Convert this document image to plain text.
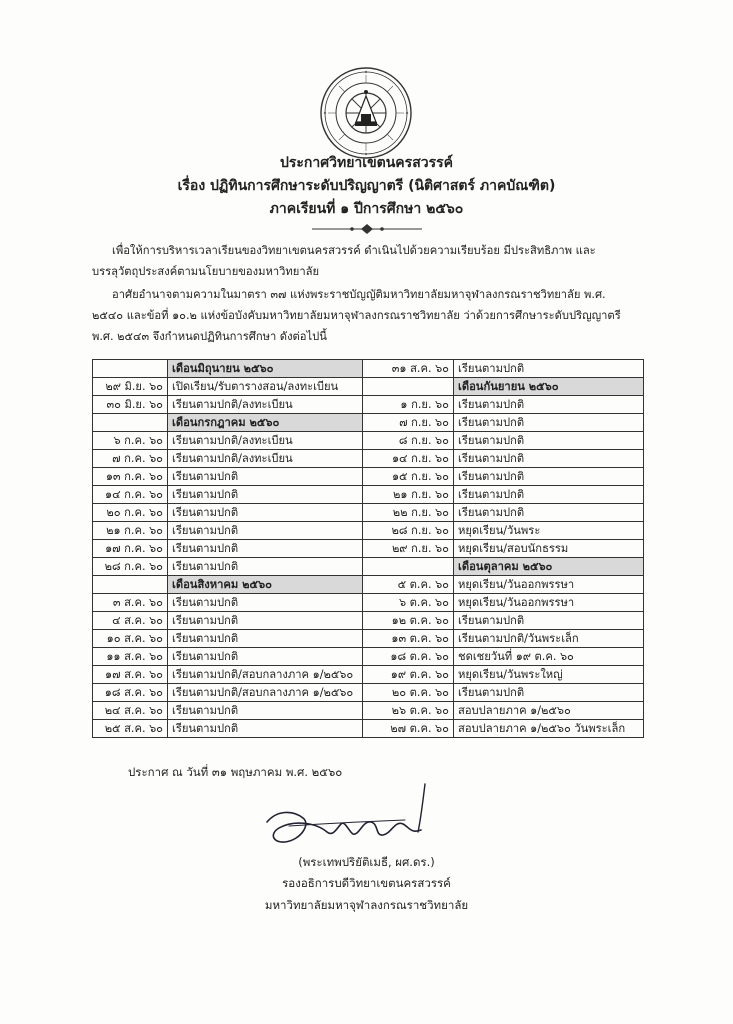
ประกาศวิทยาเขตนครสวรรค์
เรื่อง ปฏิทินการศึกษาระดับปริญญาตรี (นิติศาสตร์ ภาคบัณฑิต)
ภาคเรียนที่ ๑ ปีการศึกษา ๒๕๖๐
เพื่อให้การบริหารเวลาเรียนของวิทยาเขตนครสวรรค์ ดำเนินไปด้วยความเรียบร้อย มีประสิทธิภาพ และ
บรรลุวัตถุประสงค์ตามนโยบายของมหาวิทยาลัย
อาศัยอำนาจตามความในมาตรา ๓๗ แห่งพระราชบัญญัติมหาวิทยาลัยมหาจุฬาลงกรณราชวิทยาลัย พ.ศ.
๒๕๔๐ และข้อที่ ๑๐.๒ แห่งข้อบังคับมหาวิทยาลัยมหาจุฬาลงกรณราชวิทยาลัย ว่าด้วยการศึกษาระดับปริญญาตรี
พ.ศ. ๒๕๔๓ จึงกำหนดปฏิทินการศึกษา ดังต่อไปนี้
	เดือนมิถุนายน ๒๕๖๐	๓๑ ส.ค. ๖๐	เรียนตามปกติ
๒๙ มิ.ย. ๖๐	เปิดเรียน/รับตารางสอน/ลงทะเบียน		เดือนกันยายน ๒๕๖๐
๓๐ มิ.ย. ๖๐	เรียนตามปกติ/ลงทะเบียน	๑ ก.ย. ๖๐	เรียนตามปกติ
	เดือนกรกฎาคม ๒๕๖๐	๗ ก.ย. ๖๐	เรียนตามปกติ
๖ ก.ค. ๖๐	เรียนตามปกติ/ลงทะเบียน	๘ ก.ย. ๖๐	เรียนตามปกติ
๗ ก.ค. ๖๐	เรียนตามปกติ/ลงทะเบียน	๑๔ ก.ย. ๖๐	เรียนตามปกติ
๑๓ ก.ค. ๖๐	เรียนตามปกติ	๑๕ ก.ย. ๖๐	เรียนตามปกติ
๑๔ ก.ค. ๖๐	เรียนตามปกติ	๒๑ ก.ย. ๖๐	เรียนตามปกติ
๒๐ ก.ค. ๖๐	เรียนตามปกติ	๒๒ ก.ย. ๖๐	เรียนตามปกติ
๒๑ ก.ค. ๖๐	เรียนตามปกติ	๒๘ ก.ย. ๖๐	หยุดเรียน/วันพระ
๑๗ ก.ค. ๖๐	เรียนตามปกติ	๒๙ ก.ย. ๖๐	หยุดเรียน/สอบนักธรรม
๒๘ ก.ค. ๖๐	เรียนตามปกติ		เดือนตุลาคม ๒๕๖๐
	เดือนสิงหาคม ๒๕๖๐	๕ ต.ค. ๖๐	หยุดเรียน/วันออกพรรษา
๓ ส.ค. ๖๐	เรียนตามปกติ	๖ ต.ค. ๖๐	หยุดเรียน/วันออกพรรษา
๔ ส.ค. ๖๐	เรียนตามปกติ	๑๒ ต.ค. ๖๐	เรียนตามปกติ
๑๐ ส.ค. ๖๐	เรียนตามปกติ	๑๓ ต.ค. ๖๐	เรียนตามปกติ/วันพระเล็ก
๑๑ ส.ค. ๖๐	เรียนตามปกติ	๑๘ ต.ค. ๖๐	ชดเชยวันที่ ๑๙ ต.ค. ๖๐
๑๗ ส.ค. ๖๐	เรียนตามปกติ/สอบกลางภาค ๑/๒๕๖๐	๑๙ ต.ค. ๖๐	หยุดเรียน/วันพระใหญ่
๑๘ ส.ค. ๖๐	เรียนตามปกติ/สอบกลางภาค ๑/๒๕๖๐	๒๐ ต.ค. ๖๐	เรียนตามปกติ
๒๔ ส.ค. ๖๐	เรียนตามปกติ	๒๖ ต.ค. ๖๐	สอบปลายภาค ๑/๒๕๖๐
๒๕ ส.ค. ๖๐	เรียนตามปกติ	๒๗ ต.ค. ๖๐	สอบปลายภาค ๑/๒๕๖๐ วันพระเล็ก
ประกาศ ณ วันที่ ๓๑ พฤษภาคม พ.ศ. ๒๕๖๐
(พระเทพปริยัติเมธี, ผศ.ดร.)
รองอธิการบดีวิทยาเขตนครสวรรค์
มหาวิทยาลัยมหาจุฬาลงกรณราชวิทยาลัย
